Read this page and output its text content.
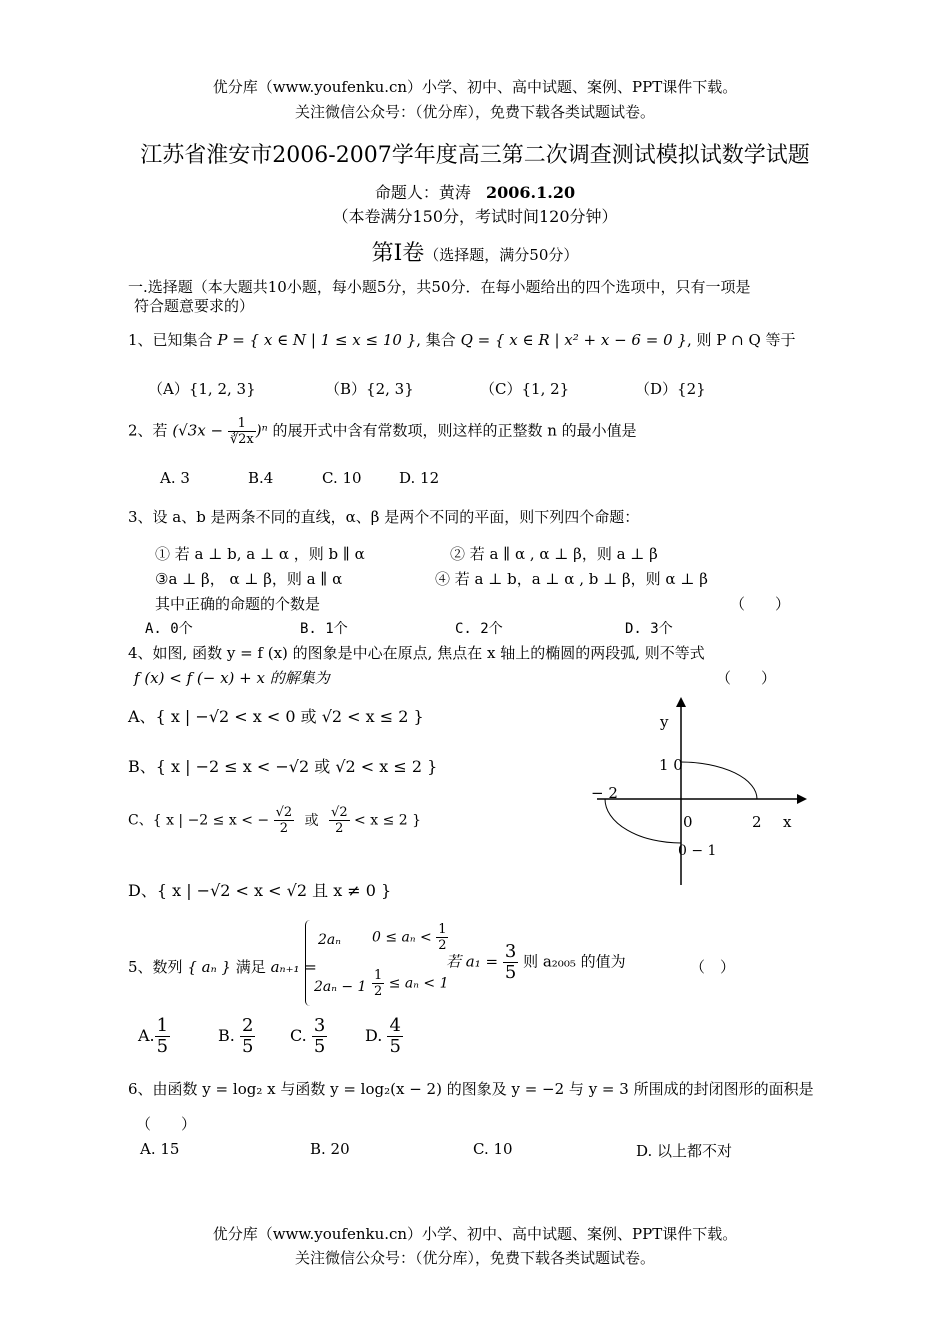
优分库（www.youfenku.cn）小学、初中、高中试题、案例、PPT课件下载。
关注微信公众号：（优分库），免费下载各类试题试卷。
江苏省淮安市2006-2007学年度高三第二次调查测试模拟试数学试题
命题人：黄涛 2006.1.20
（本卷满分150分，考试时间120分钟）
第Ⅰ卷（选择题，满分50分）
一.选择题（本大题共10小题，每小题5分，共50分．在每小题给出的四个选项中，只有一项是
符合题意要求的）
1、已知集合 P = { x ∈ N | 1 ≤ x ≤ 10 }, 集合 Q = { x ∈ R | x² + x − 6 = 0 }, 则 P ∩ Q 等于
（A）{1, 2, 3}	（B）{2, 3}	（C）{1, 2}	（D）{2}
2、若 $(√3x - \frac{1}{∛2x} )^n$ 的展开式中含有常数项，则这样的正整数 n 的最小值是
A. 3	B.4	C. 10 D. 12
3、设 a、b 是两条不同的直线，α、β 是两个不同的平面，则下列四个命题：
① 若 a ⊥ b, a ⊥ α ，则 b ∥ α	② 若 a ∥ α , α ⊥ β，则 a ⊥ β
③a ⊥ β， α ⊥ β，则 a ∥ α	④ 若 a ⊥ b，a ⊥ α , b ⊥ β，则 α ⊥ β
其中正确的命题的个数是	（　　）
A. 0个	B. 1个	C. 2个	D. 3个
4、如图, 函数 y = f (x) 的图象是中心在原点, 焦点在 x 轴上的椭圆的两段弧, 则不等式
f (x) < f (− x) + x 的解集为	（　　）
A、{ x | −√2 < x < 0 或 √2 < x ≤ 2 }
B、{ x | −2 ≤ x < −√2 或 √2 < x ≤ 2 }
C、{ x | −2 ≤ x < − $\frac{√2}{2}$ 或 $\frac{√2}{2} < x \le 2$ }
D、{ x | −√2 < x < √2 且 x ≠ 0 }
y
x
1 0
− 2
0	2
0 − 1
5、数列 { aₙ } 满足 aₙ₊₁ =
2aₙ $0 \le a_n < \frac{1}{2}$
$2a_n - 1 \frac{1}{2} \le a_n < 1$
若 $a_1 = \frac{3}{5}$ 则 a₂₀₀₅ 的值为	（　）
A. $\frac{1}{5}$	B. $\frac{2}{5} C$. $\frac{3}{5} D$. $\frac{4}{5}$
6、由函数 y = log₂ x 与函数 y = log₂(x − 2) 的图象及 y = −2 与 y = 3 所围成的封闭图形的面积是
（　　）
A. 15	B. 20	C. 10	D. 以上都不对
优分库（www.youfenku.cn）小学、初中、高中试题、案例、PPT课件下载。
关注微信公众号：（优分库），免费下载各类试题试卷。
